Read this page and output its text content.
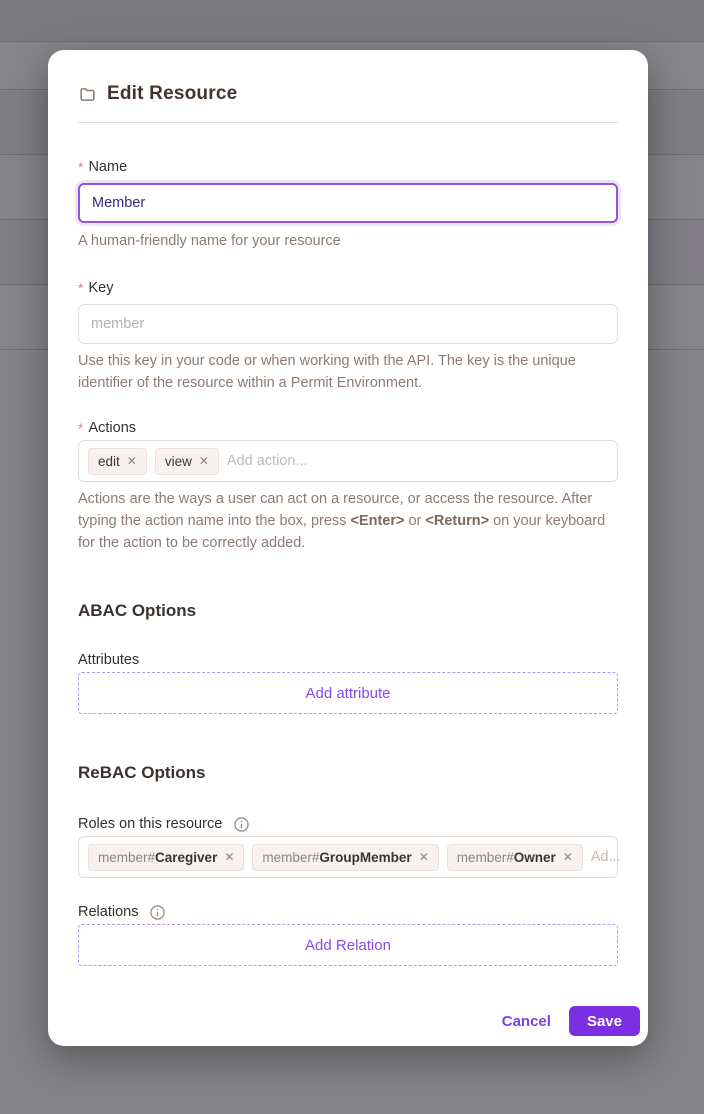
Edit Resource
* Name
Member
A human-friendly name for your resource
* Key
member
Use this key in your code or when working with the API. The key is the unique identifier of the resource within a Permit Environment.
* Actions
edit ✕ view ✕ Add action...
Actions are the ways a user can act on a resource, or access the resource. After typing the action name into the box, press <Enter> or <Return> on your keyboard for the action to be correctly added.
ABAC Options
Attributes
Add attribute
ReBAC Options
Roles on this resource
member#Caregiver ✕ member#GroupMember ✕ member#Owner ✕ Ad...
Relations
Add Relation
Cancel	Save
